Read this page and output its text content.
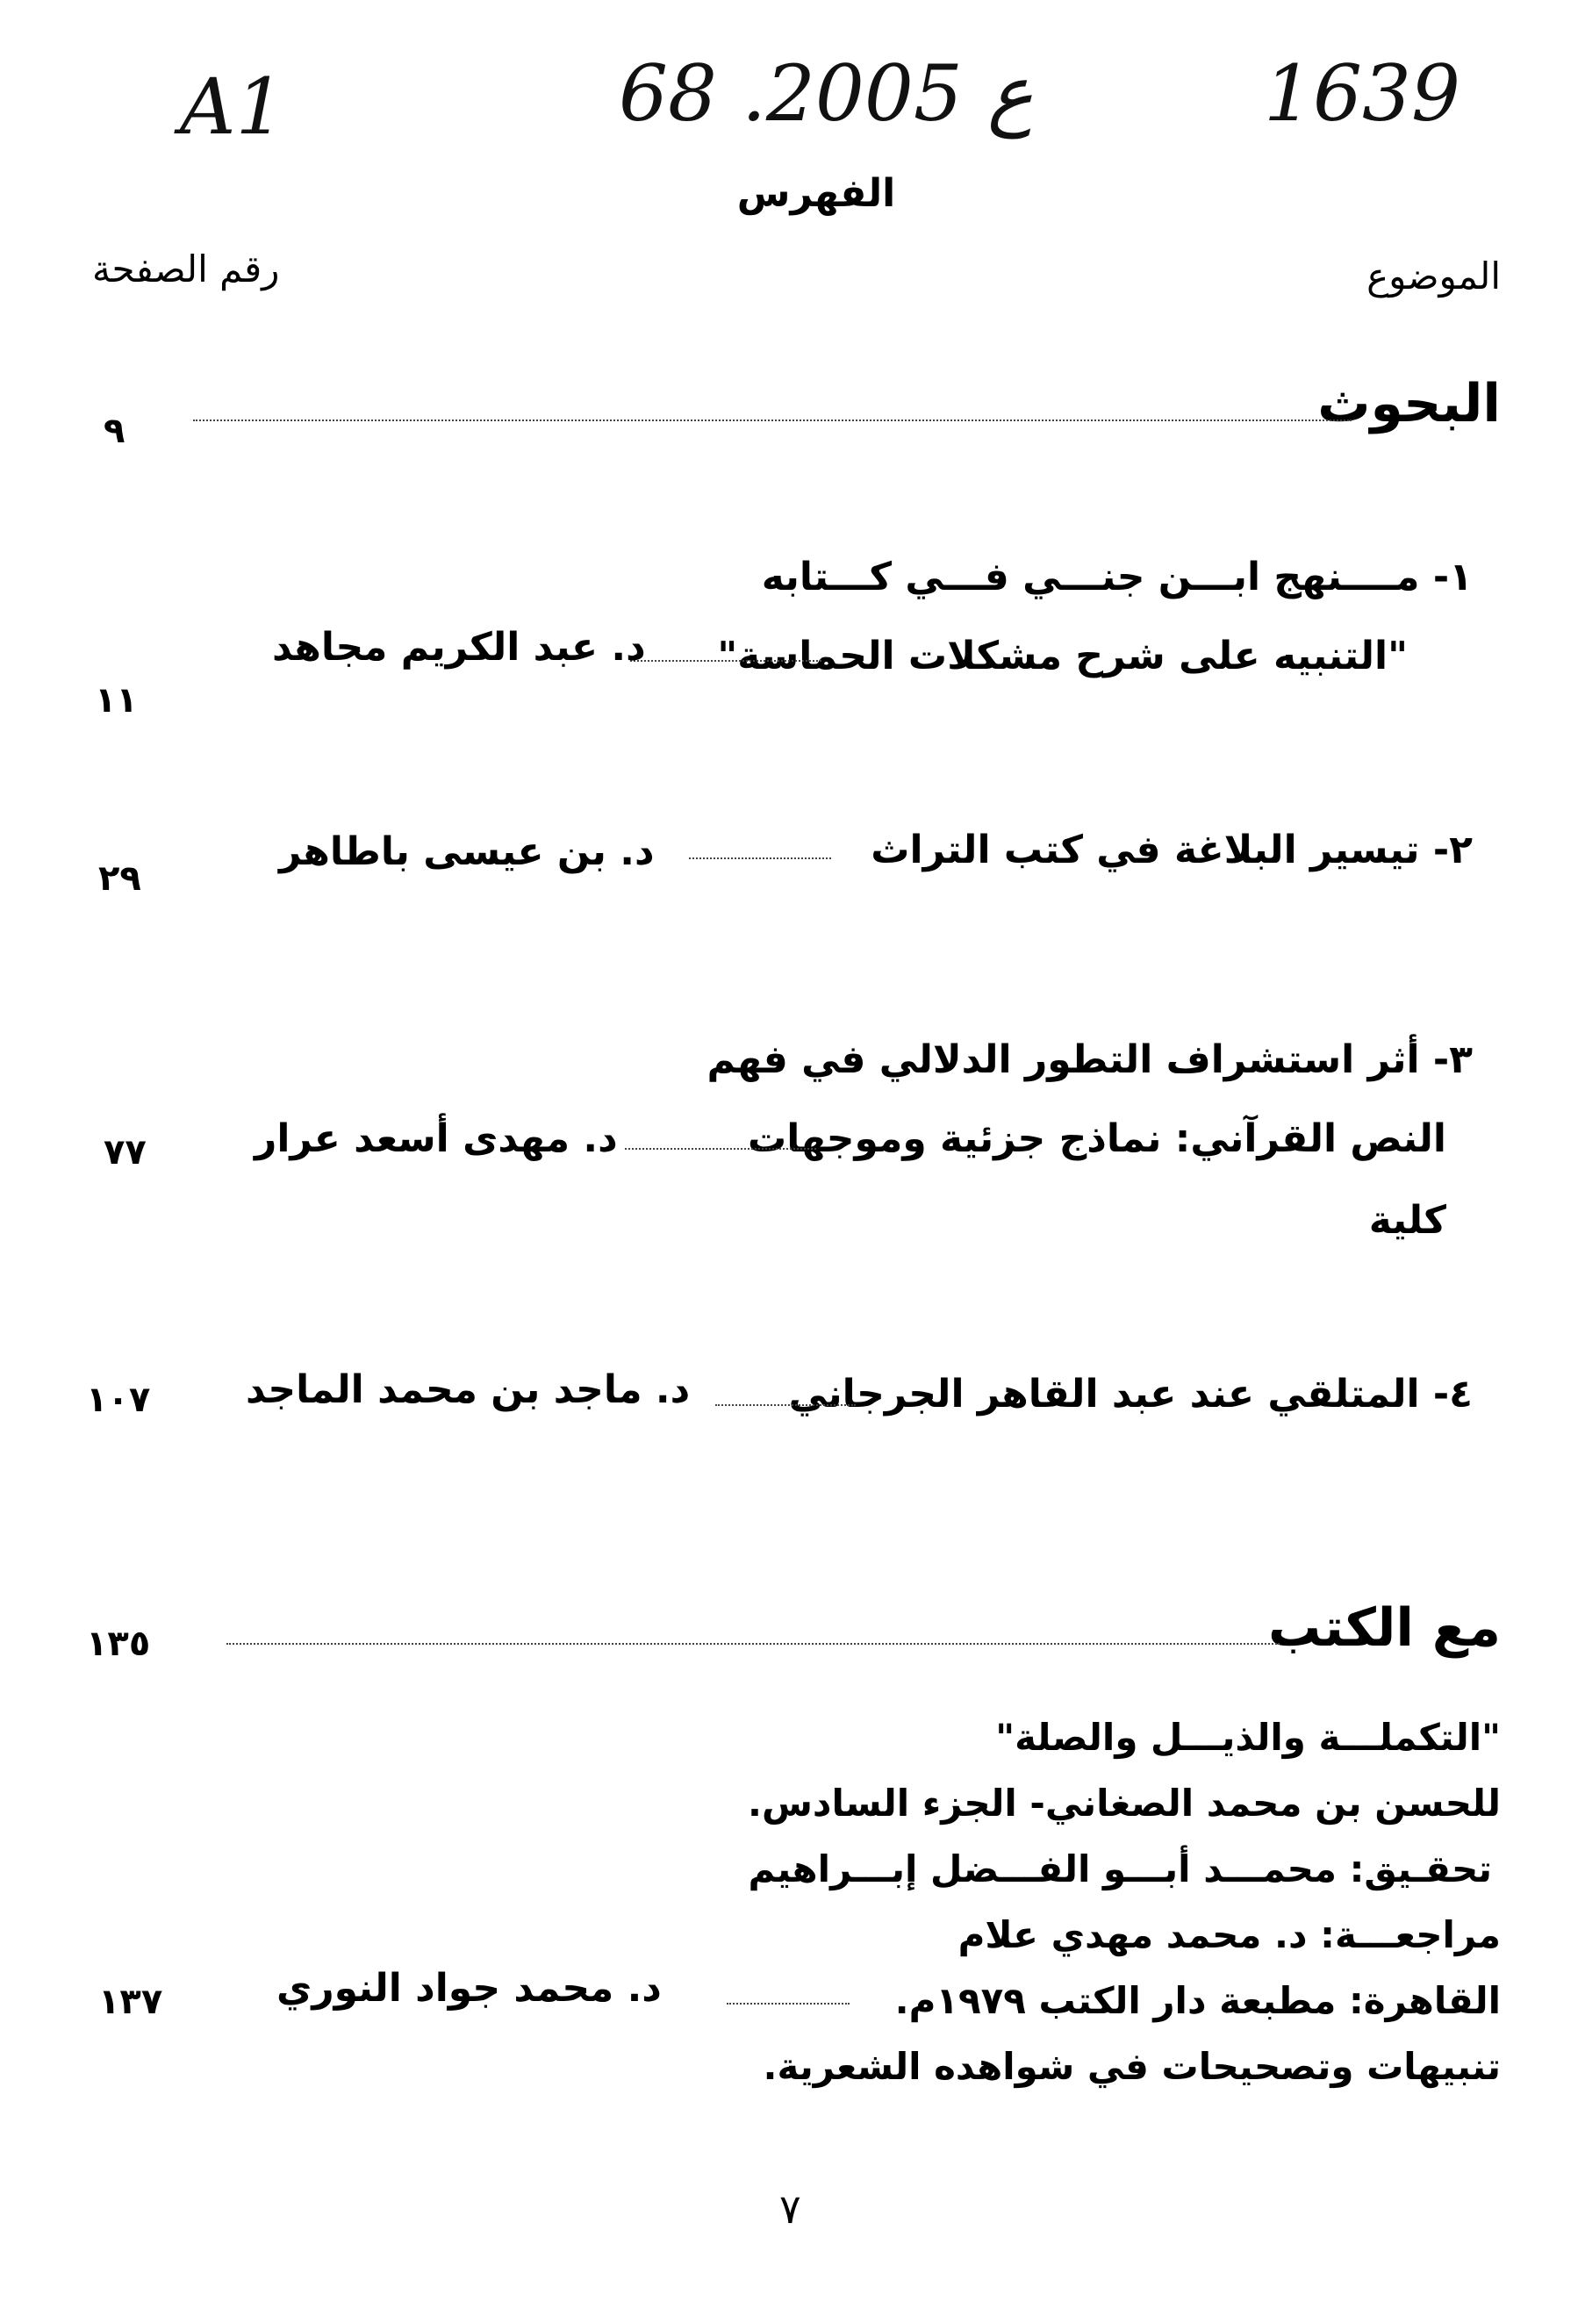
A1	68 .ع 2005	1639
الفهرس
الموضوع
رقم الصفحة
البحوث
٩
١- مــــنهج ابـــن جنـــي فـــي كـــتابه
"التنبيه على شرح مشكلات الحماسة"
د. عبد الكريم مجاهد
١١
٢- تيسير البلاغة في كتب التراث
د. بن عيسى باطاهر
٢٩
٣- أثر استشراف التطور الدلالي في فهم
النص القرآني: نماذج جزئية وموجهات
كلية
د. مهدى أسعد عرار
٧٧
٤- المتلقي عند عبد القاهر الجرجاني
د. ماجد بن محمد الماجد
١٠٧
مع الكتب
١٣٥
"التكملـــة والذيـــل والصلة"
للحسن بن محمد الصغاني- الجزء السادس.
تحقـيق: محمـــد أبـــو الفـــضل إبـــراهيم
مراجعـــة: د. محمد مهدي علام
القاهرة: مطبعة دار الكتب ١٩٧٩م.
تنبيهات وتصحيحات في شواهده الشعرية.
د. محمد جواد النوري
١٣٧
٧
